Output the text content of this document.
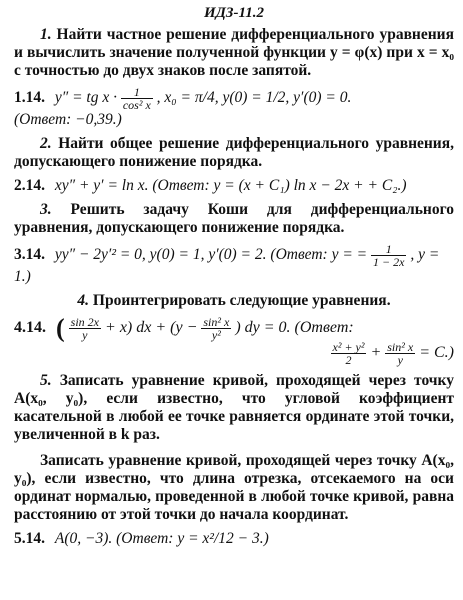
ИДЗ-11.2

1. Найти частное решение дифференциального уравнения и вычислить значение полученной функции y = φ(x) при x = x₀ с точностью до двух знаков после запятой.

1.14. y″ = tg $x \cdot \frac{1}{\text{cos² x}}$ , x₀ = π/4, y(0) = 1/2, y′(0) = 0.
(Ответ: −0,39.)

2. Найти общее решение дифференциального уравнения, допускающего понижение порядка.

2.14. xy″ + y′ = ln x. (Ответ: y = (x + C₁) ln x − 2x + + C₂.)

3. Решить задачу Коши для дифференциального уравнения, допускающего понижение порядка.

3.14. yy″ − 2y′² = 0, y(0) = 1, y′(0) = 2. (Ответ: y = = $\frac{1}{1 - 2x}$ , y = 1.)

4. Проинтегрировать следующие уравнения.

4.14. ( $\frac{\sin 2x}{y} + x$) dx + ($y - \frac{\text{sin² x}}{\text{y²}}$ ) dy = 0. (Ответ:
$\frac{\text{x² + y²}}{2} + \frac{\text{sin² x}}{y} = C$.)

5. Записать уравнение кривой, проходящей через точку A(x₀, y₀), если известно, что угловой коэффициент касательной в любой ее точке равняется ординате этой точки, увеличенной в k раз.

Записать уравнение кривой, проходящей через точку A(x₀, y₀), если известно, что длина отрезка, отсекаемого на оси ординат нормалью, проведенной в любой точке кривой, равна расстоянию от этой точки до начала координат.

5.14. A(0, −3). (Ответ: y = x²/12 − 3.)
